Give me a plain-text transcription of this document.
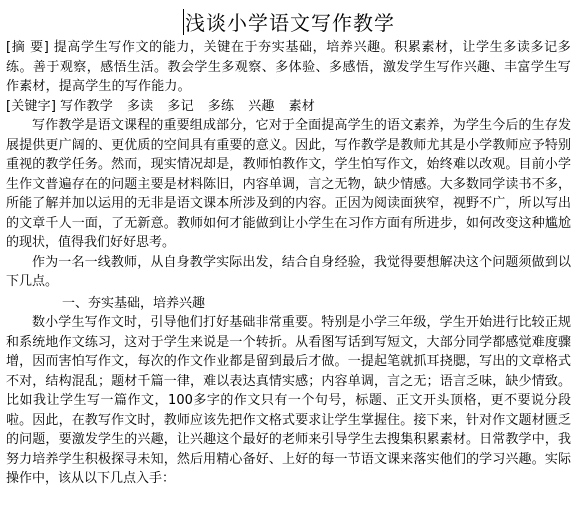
浅谈小学语文写作教学

[摘 要] 提高学生写作文的能力，关键在于夯实基础，培养兴趣。积累素材，让学生多读多记多练。善于观察，感悟生活。教会学生多观察、多体验、多感悟，激发学生写作兴趣、丰富学生写作素材，提高学生的写作能力。

[关键字] 写作教学 多读 多记 多练 兴趣 素材

写作教学是语文课程的重要组成部分，它对于全面提高学生的语文素养，为学生今后的生存发展提供更广阔的、更优质的空间具有重要的意义。因此，写作教学是教师尤其是小学教师应予特别重视的教学任务。然而，现实情况却是，教师怕教作文，学生怕写作文，始终难以改观。目前小学生作文普遍存在的问题主要是材料陈旧，内容单调，言之无物，缺少情感。大多数同学读书不多，所能了解并加以运用的无非是语文课本所涉及到的内容。正因为阅读面狭窄，视野不广，所以写出的文章千人一面，了无新意。教师如何才能做到让小学生在习作方面有所进步，如何改变这种尴尬的现状，值得我们好好思考。

作为一名一线教师，从自身教学实际出发，结合自身经验，我觉得要想解决这个问题须做到以下几点。

一、夯实基础，培养兴趣

数小学生写作文时，引导他们打好基础非常重要。特别是小学三年级，学生开始进行比较正规和系统地作文练习，这对于学生来说是一个转折。从看图写话到写短文，大部分同学都感觉难度骤增，因而害怕写作文，每次的作文作业都是留到最后才做。一提起笔就抓耳挠腮，写出的文章格式不对，结构混乱；题材千篇一律，难以表达真情实感；内容单调，言之无；语言乏味，缺少情致。比如我让学生写一篇作文，100多字的作文只有一个句号，标题、正文开头顶格，更不要说分段啦。因此，在教写作文时，教师应该先把作文格式要求让学生掌握住。接下来，针对作文题材匮乏的问题，要激发学生的兴趣，让兴趣这个最好的老师来引导学生去搜集积累素材。日常教学中，我努力培养学生积极探寻未知，然后用精心备好、上好的每一节语文课来落实他们的学习兴趣。实际操作中，该从以下几点入手：
